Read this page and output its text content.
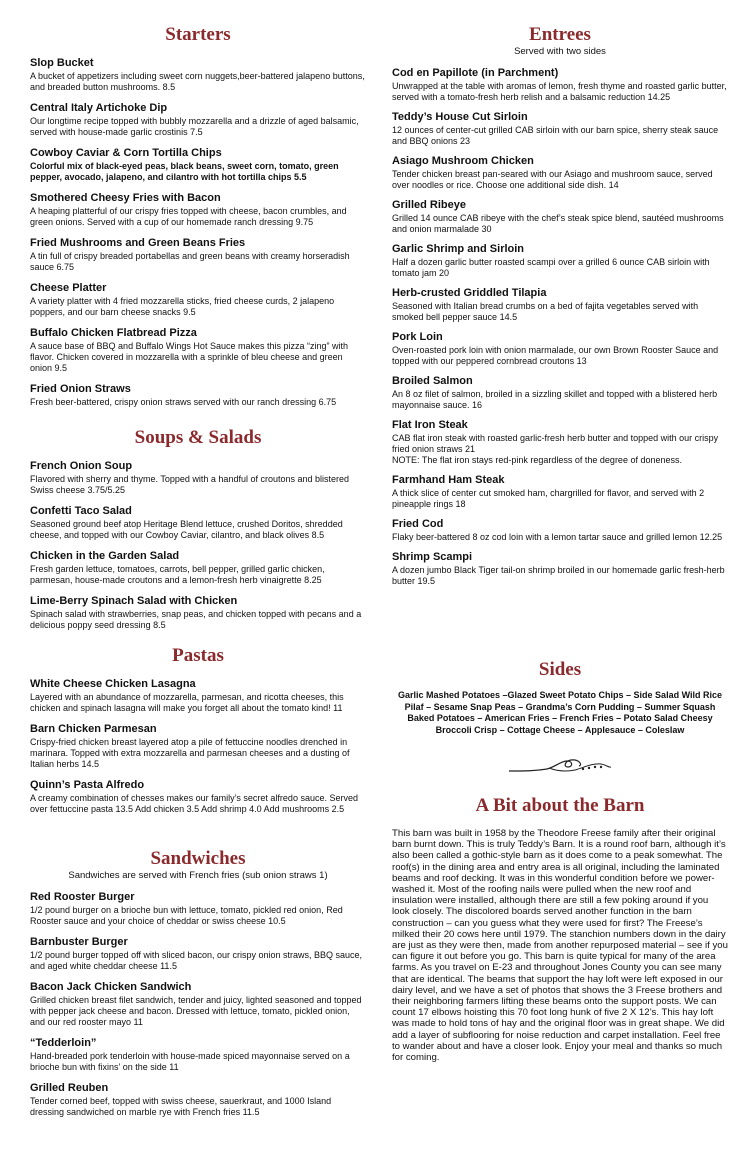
Starters

Slop Bucket

A bucket of appetizers including sweet corn nuggets,beer-battered jalapeno buttons, and breaded button mushrooms. 8.5

Central Italy Artichoke Dip

Our longtime recipe topped with bubbly mozzarella and a drizzle of aged balsamic, served with house-made garlic crostinis 7.5

Cowboy Caviar & Corn Tortilla Chips

Colorful mix of black-eyed peas, black beans, sweet corn, tomato, green pepper, avocado, jalapeno, and cilantro with hot tortilla chips 5.5

Smothered Cheesy Fries with Bacon

A heaping platterful of our crispy fries topped with cheese, bacon crumbles, and green onions. Served with a cup of our homemade ranch dressing 9.75

Fried Mushrooms and Green Beans Fries

A tin full of crispy breaded portabellas and green beans with creamy horseradish sauce 6.75

Cheese Platter

A variety platter with 4 fried mozzarella sticks, fried cheese curds, 2 jalapeno poppers, and our barn cheese snacks 9.5

Buffalo Chicken Flatbread Pizza

A sauce base of BBQ and Buffalo Wings Hot Sauce makes this pizza “zing” with flavor. Chicken covered in mozzarella with a sprinkle of bleu cheese and green onion 9.5

Fried Onion Straws

Fresh beer-battered, crispy onion straws served with our ranch dressing 6.75

Soups & Salads

French Onion Soup

Flavored with sherry and thyme. Topped with a handful of croutons and blistered Swiss cheese 3.75/5.25

Confetti Taco Salad

Seasoned ground beef atop Heritage Blend lettuce, crushed Doritos, shredded cheese, and topped with our Cowboy Caviar, cilantro, and black olives 8.5

Chicken in the Garden Salad

Fresh garden lettuce, tomatoes, carrots, bell pepper, grilled garlic chicken, parmesan, house-made croutons and a lemon-fresh herb vinaigrette 8.25

Lime-Berry Spinach Salad with Chicken

Spinach salad with strawberries, snap peas, and chicken topped with pecans and a delicious poppy seed dressing 8.5

Pastas

White Cheese Chicken Lasagna

Layered with an abundance of mozzarella, parmesan, and ricotta cheeses, this chicken and spinach lasagna will make you forget all about the tomato kind! 11

Barn Chicken Parmesan

Crispy-fried chicken breast layered atop a pile of fettuccine noodles drenched in marinara. Topped with extra mozzarella and parmesan cheeses and a dusting of Italian herbs 14.5

Quinn’s Pasta Alfredo

A creamy combination of chesses makes our family’s secret alfredo sauce. Served over fettuccine pasta 13.5 Add chicken 3.5 Add shrimp 4.0 Add mushrooms 2.5

Sandwiches

Sandwiches are served with French fries (sub onion straws 1)

Red Rooster Burger

1/2 pound burger on a brioche bun with lettuce, tomato, pickled red onion, Red Rooster sauce and your choice of cheddar or swiss cheese 10.5

Barnbuster Burger

1/2 pound burger topped off with sliced bacon, our crispy onion straws, BBQ sauce, and aged white cheddar cheese 11.5

Bacon Jack Chicken Sandwich

Grilled chicken breast filet sandwich, tender and juicy, lighted seasoned and topped with pepper jack cheese and bacon. Dressed with lettuce, tomato, pickled onion, and our red rooster mayo 11

“Tedderloin”

Hand-breaded pork tenderloin with house-made spiced mayonnaise served on a brioche bun with fixins’ on the side 11

Grilled Reuben

Tender corned beef, topped with swiss cheese, sauerkraut, and 1000 Island dressing sandwiched on marble rye with French fries 11.5

Entrees

Served with two sides

Cod en Papillote (in Parchment)

Unwrapped at the table with aromas of lemon, fresh thyme and roasted garlic butter, served with a tomato-fresh herb relish and a balsamic reduction 14.25

Teddy’s House Cut Sirloin

12 ounces of center-cut grilled CAB sirloin with our barn spice, sherry steak sauce and BBQ onions 23

Asiago Mushroom Chicken

Tender chicken breast pan-seared with our Asiago and mushroom sauce, served over noodles or rice. Choose one additional side dish. 14

Grilled Ribeye

Grilled 14 ounce CAB ribeye with the chef’s steak spice blend, sautéed mushrooms and onion marmalade 30

Garlic Shrimp and Sirloin

Half a dozen garlic butter roasted scampi over a grilled 6 ounce CAB sirloin with tomato jam 20

Herb-crusted Griddled Tilapia

Seasoned with Italian bread crumbs on a bed of fajita vegetables served with smoked bell pepper sauce 14.5

Pork Loin

Oven-roasted pork loin with onion marmalade, our own Brown Rooster Sauce and topped with our peppered cornbread croutons 13

Broiled Salmon

An 8 oz filet of salmon, broiled in a sizzling skillet and topped with a blistered herb mayonnaise sauce. 16

Flat Iron Steak

CAB flat iron steak with roasted garlic-fresh herb butter and topped with our crispy fried onion straws 21

NOTE: The flat iron stays red-pink regardless of the degree of doneness.

Farmhand Ham Steak

A thick slice of center cut smoked ham, chargrilled for flavor, and served with 2 pineapple rings 18

Fried Cod

Flaky beer-battered 8 oz cod loin with a lemon tartar sauce and grilled lemon 12.25

Shrimp Scampi

A dozen jumbo Black Tiger tail-on shrimp broiled in our homemade garlic fresh-herb butter 19.5

Sides

Garlic Mashed Potatoes –Glazed Sweet Potato Chips – Side Salad Wild Rice Pilaf – Sesame Snap Peas – Grandma’s Corn Pudding – Summer Squash Baked Potatoes – American Fries – French Fries – Potato Salad Cheesy Broccoli Crisp – Cottage Cheese – Applesauce – Coleslaw

A Bit about the Barn

This barn was built in 1958 by the Theodore Freese family after their original barn burnt down. This is truly Teddy’s Barn. It is a round roof barn, although it’s also been called a gothic-style barn as it does come to a peak somewhat. The roof(s) in the dining area and entry area is all original, including the laminated beams and roof decking. It was in this wonderful condition before we power-washed it. Most of the roofing nails were pulled when the new roof and insulation were installed, although there are still a few poking around if you look closely. The discolored boards served another function in the barn construction – can you guess what they were used for first? The Freese’s milked their 20 cows here until 1979. The stanchion numbers down in the dairy are just as they were then, made from another repurposed material – see if you can figure it out before you go. This barn is quite typical for many of the area farms. As you travel on E-23 and throughout Jones County you can see many that are identical. The beams that support the hay loft were left exposed in our dairy level, and we have a set of photos that shows the 3 Freese brothers and their neighboring farmers lifting these beams onto the support posts. We can count 17 elbows hoisting this 70 foot long hunk of five 2 X 12’s. This hay loft was made to hold tons of hay and the original floor was in great shape. We did add a layer of subflooring for noise reduction and carpet installation. Feel free to wander about and have a closer look. Enjoy your meal and thanks so much for coming.
